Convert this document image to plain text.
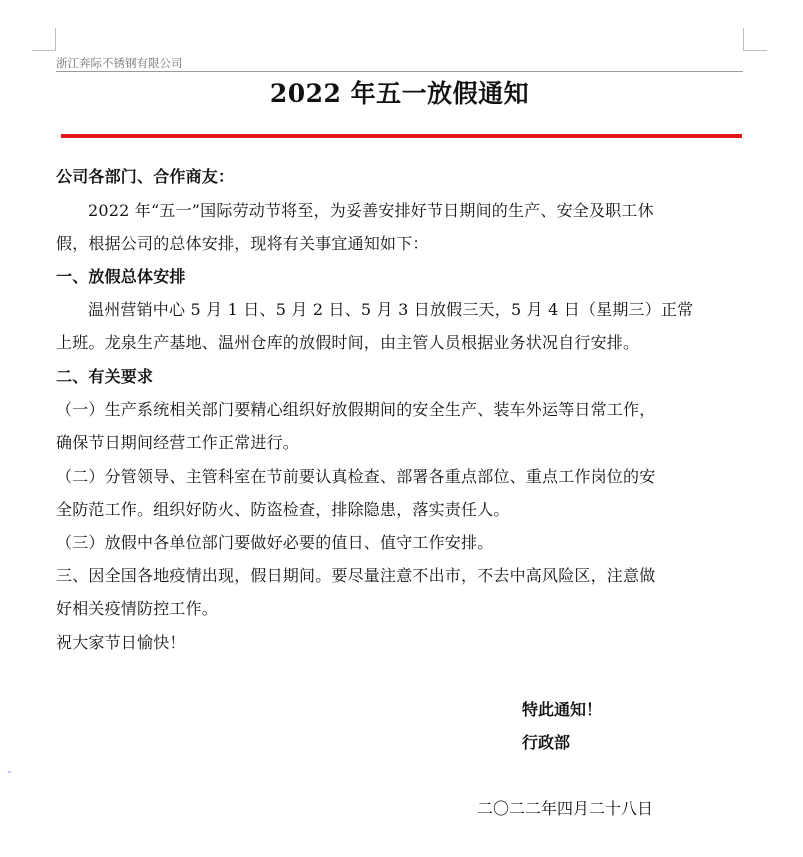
浙江奔际不锈钢有限公司
2022 年五一放假通知
公司各部门、合作商友：
2022 年“五一”国际劳动节将至，为妥善安排好节日期间的生产、安全及职工休
假，根据公司的总体安排，现将有关事宜通知如下：
一、放假总体安排
温州营销中心 5 月 1 日、5 月 2 日、5 月 3 日放假三天，5 月 4 日（星期三）正常
上班。龙泉生产基地、温州仓库的放假时间，由主管人员根据业务状况自行安排。
二、有关要求
（一）生产系统相关部门要精心组织好放假期间的安全生产、装车外运等日常工作，
确保节日期间经营工作正常进行。
（二）分管领导、主管科室在节前要认真检查、部署各重点部位、重点工作岗位的安
全防范工作。组织好防火、防盗检查，排除隐患，落实责任人。
（三）放假中各单位部门要做好必要的值日、值守工作安排。
三、因全国各地疫情出现，假日期间。要尽量注意不出市，不去中高风险区，注意做
好相关疫情防控工作。
祝大家节日愉快！
特此通知！
行政部
二〇二二年四月二十八日
⌄
